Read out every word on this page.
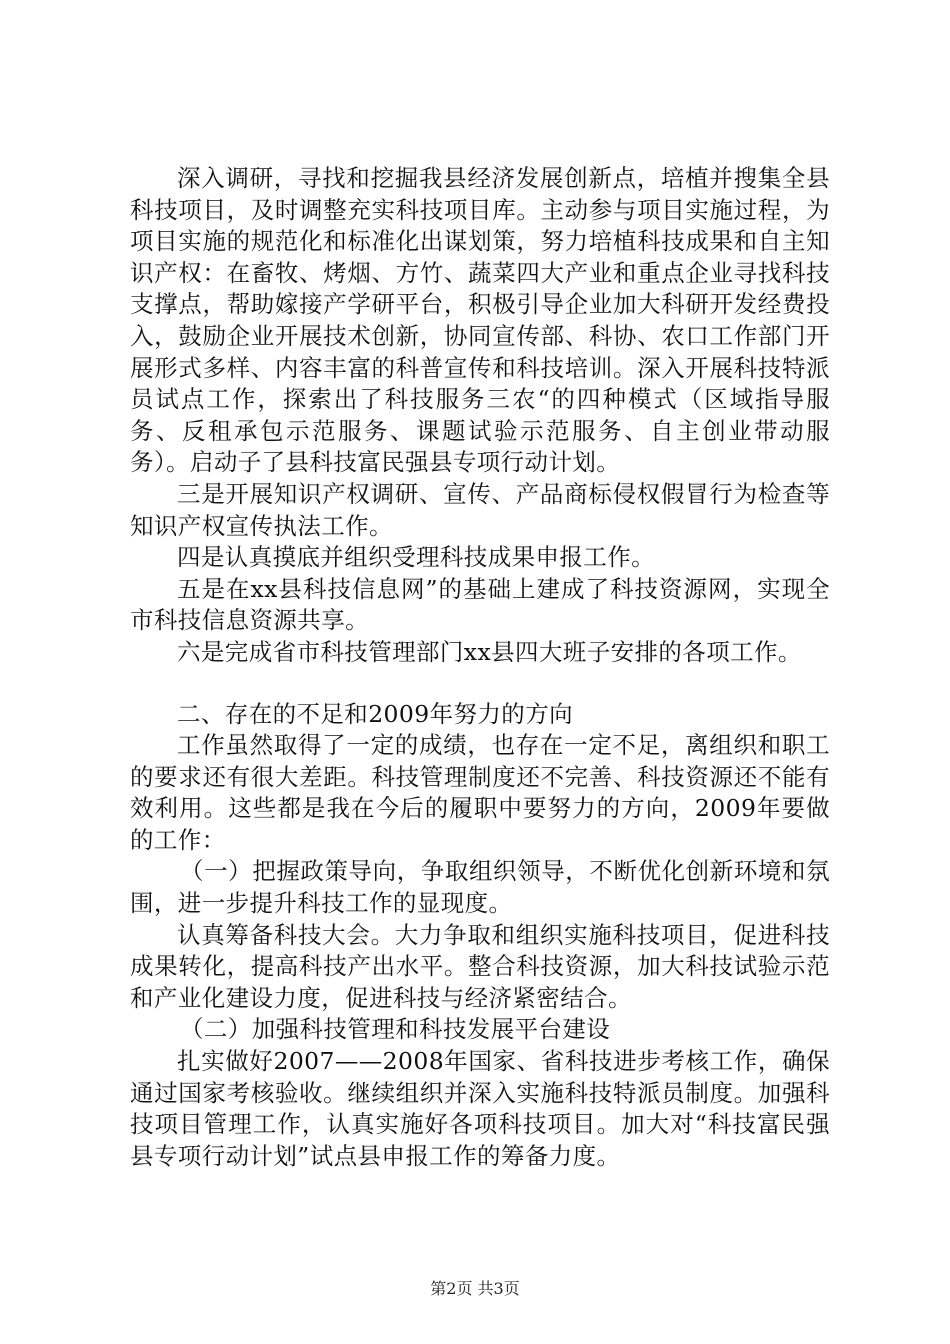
深入调研，寻找和挖掘我县经济发展创新点，培植并搜集全县科技项目，及时调整充实科技项目库。主动参与项目实施过程，为项目实施的规范化和标准化出谋划策，努力培植科技成果和自主知识产权：在畜牧、烤烟、方竹、蔬菜四大产业和重点企业寻找科技支撑点，帮助嫁接产学研平台，积极引导企业加大科研开发经费投入，鼓励企业开展技术创新，协同宣传部、科协、农口工作部门开展形式多样、内容丰富的科普宣传和科技培训。深入开展科技特派员试点工作，探索出了科技服务三农“的四种模式（区域指导服务、反租承包示范服务、课题试验示范服务、自主创业带动服务）。启动子了县科技富民强县专项行动计划。

三是开展知识产权调研、宣传、产品商标侵权假冒行为检查等知识产权宣传执法工作。

四是认真摸底并组织受理科技成果申报工作。

五是在xx县科技信息网”的基础上建成了科技资源网，实现全市科技信息资源共享。

六是完成省市科技管理部门xx县四大班子安排的各项工作。

二、存在的不足和2009年努力的方向

工作虽然取得了一定的成绩，也存在一定不足，离组织和职工的要求还有很大差距。科技管理制度还不完善、科技资源还不能有效利用。这些都是我在今后的履职中要努力的方向，2009年要做的工作：

（一）把握政策导向，争取组织领导，不断优化创新环境和氛围，进一步提升科技工作的显现度。

认真筹备科技大会。大力争取和组织实施科技项目，促进科技成果转化，提高科技产出水平。整合科技资源，加大科技试验示范和产业化建设力度，促进科技与经济紧密结合。

（二）加强科技管理和科技发展平台建设

扎实做好2007——2008年国家、省科技进步考核工作，确保通过国家考核验收。继续组织并深入实施科技特派员制度。加强科技项目管理工作，认真实施好各项科技项目。加大对“科技富民强县专项行动计划”试点县申报工作的筹备力度。

第2页 共3页
